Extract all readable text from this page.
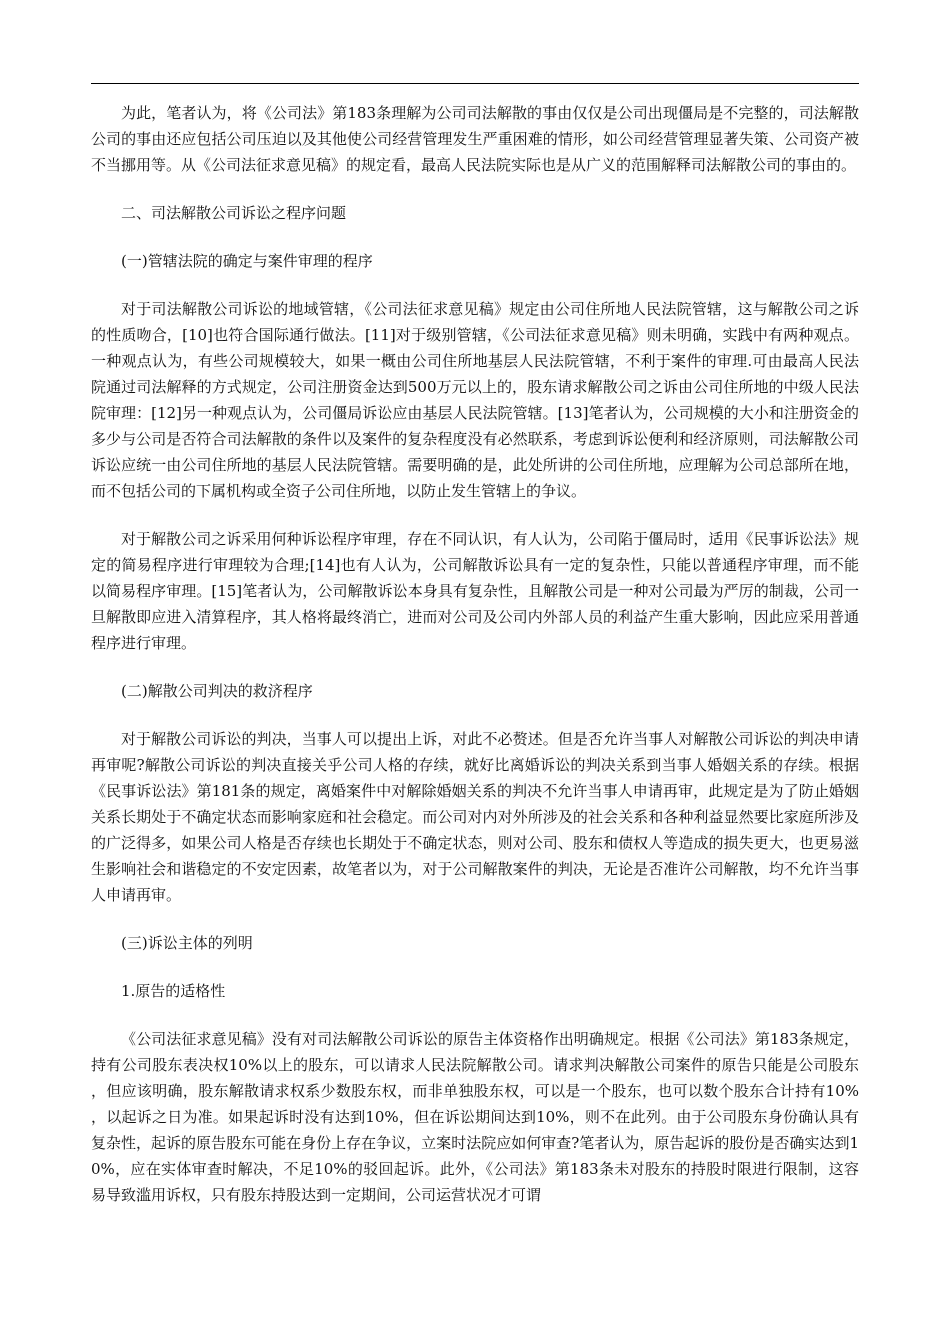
为此，笔者认为，将《公司法》第183条理解为公司司法解散的事由仅仅是公司出现僵局是不完整的，司法解散公司的事由还应包括公司压迫以及其他使公司经营管理发生严重困难的情形，如公司经营管理显著失策、公司资产被不当挪用等。从《公司法征求意见稿》的规定看，最高人民法院实际也是从广义的范围解释司法解散公司的事由的。

二、司法解散公司诉讼之程序问题

(一)管辖法院的确定与案件审理的程序

对于司法解散公司诉讼的地域管辖，《公司法征求意见稿》规定由公司住所地人民法院管辖，这与解散公司之诉的性质吻合，[10]也符合国际通行做法。[11]对于级别管辖，《公司法征求意见稿》则未明确，实践中有两种观点。一种观点认为，有些公司规模较大，如果一概由公司住所地基层人民法院管辖，不利于案件的审理.可由最高人民法院通过司法解释的方式规定，公司注册资金达到500万元以上的，股东请求解散公司之诉由公司住所地的中级人民法院审理：[12]另一种观点认为，公司僵局诉讼应由基层人民法院管辖。[13]笔者认为，公司规模的大小和注册资金的多少与公司是否符合司法解散的条件以及案件的复杂程度没有必然联系，考虑到诉讼便利和经济原则，司法解散公司诉讼应统一由公司住所地的基层人民法院管辖。需要明确的是，此处所讲的公司住所地，应理解为公司总部所在地，而不包括公司的下属机构或全资子公司住所地，以防止发生管辖上的争议。

对于解散公司之诉采用何种诉讼程序审理，存在不同认识，有人认为，公司陷于僵局时，适用《民事诉讼法》规定的简易程序进行审理较为合理;[14]也有人认为，公司解散诉讼具有一定的复杂性，只能以普通程序审理，而不能以简易程序审理。[15]笔者认为，公司解散诉讼本身具有复杂性，且解散公司是一种对公司最为严厉的制裁，公司一旦解散即应进入清算程序，其人格将最终消亡，进而对公司及公司内外部人员的利益产生重大影响，因此应采用普通程序进行审理。

(二)解散公司判决的救济程序

对于解散公司诉讼的判决，当事人可以提出上诉，对此不必赘述。但是否允许当事人对解散公司诉讼的判决申请再审呢?解散公司诉讼的判决直接关乎公司人格的存续，就好比离婚诉讼的判决关系到当事人婚姻关系的存续。根据《民事诉讼法》第181条的规定，离婚案件中对解除婚姻关系的判决不允许当事人申请再审，此规定是为了防止婚姻关系长期处于不确定状态而影响家庭和社会稳定。而公司对内对外所涉及的社会关系和各种利益显然要比家庭所涉及的广泛得多，如果公司人格是否存续也长期处于不确定状态，则对公司、股东和债权人等造成的损失更大，也更易滋生影响社会和谐稳定的不安定因素，故笔者以为，对于公司解散案件的判决，无论是否准许公司解散，均不允许当事人申请再审。

(三)诉讼主体的列明

1.原告的适格性

《公司法征求意见稿》没有对司法解散公司诉讼的原告主体资格作出明确规定。根据《公司法》第183条规定，持有公司股东表决权10%以上的股东，可以请求人民法院解散公司。请求判决解散公司案件的原告只能是公司股东，但应该明确，股东解散请求权系少数股东权，而非单独股东权，可以是一个股东，也可以数个股东合计持有10%，以起诉之日为准。如果起诉时没有达到10%，但在诉讼期间达到10%，则不在此列。由于公司股东身份确认具有复杂性，起诉的原告股东可能在身份上存在争议，立案时法院应如何审查?笔者认为，原告起诉的股份是否确实达到10%，应在实体审查时解决，不足10%的驳回起诉。此外，《公司法》第183条未对股东的持股时限进行限制，这容易导致滥用诉权，只有股东持股达到一定期间，公司运营状况才可谓
